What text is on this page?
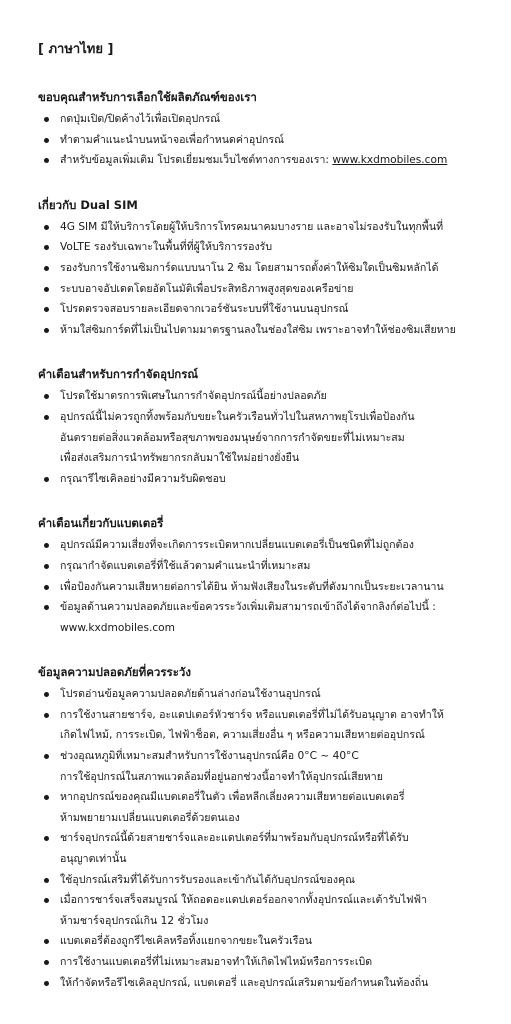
[ ภาษาไทย ]
ขอบคุณสำหรับการเลือกใช้ผลิตภัณฑ์ของเรา
กดปุ่มเปิด/ปิดค้างไว้เพื่อเปิดอุปกรณ์
ทำตามคำแนะนำบนหน้าจอเพื่อกำหนดค่าอุปกรณ์
สำหรับข้อมูลเพิ่มเติม โปรดเยี่ยมชมเว็บไซต์ทางการของเรา: www.kxdmobiles.com
เกี่ยวกับ Dual SIM
4G SIM มีให้บริการโดยผู้ให้บริการโทรคมนาคมบางราย และอาจไม่รองรับในทุกพื้นที่
VoLTE รองรับเฉพาะในพื้นที่ที่ผู้ให้บริการรองรับ
รองรับการใช้งานซิมการ์ดแบบนาโน 2 ซิม โดยสามารถตั้งค่าให้ซิมใดเป็นซิมหลักได้
ระบบอาจอัปเดตโดยอัตโนมัติเพื่อประสิทธิภาพสูงสุดของเครือข่าย
โปรดตรวจสอบรายละเอียดจากเวอร์ชันระบบที่ใช้งานบนอุปกรณ์
ห้ามใส่ซิมการ์ดที่ไม่เป็นไปตามมาตรฐานลงในช่องใส่ซิม เพราะอาจทำให้ช่องซิมเสียหาย
คำเตือนสำหรับการกำจัดอุปกรณ์
โปรดใช้มาตรการพิเศษในการกำจัดอุปกรณ์นี้อย่างปลอดภัย
อุปกรณ์นี้ไม่ควรถูกทิ้งพร้อมกับขยะในครัวเรือนทั่วไปในสหภาพยุโรปเพื่อป้องกัน
อันตรายต่อสิ่งแวดล้อมหรือสุขภาพของมนุษย์จากการกำจัดขยะที่ไม่เหมาะสม
เพื่อส่งเสริมการนำทรัพยากรกลับมาใช้ใหม่อย่างยั่งยืน
กรุณารีไซเคิลอย่างมีความรับผิดชอบ
คำเตือนเกี่ยวกับแบตเตอรี่
อุปกรณ์มีความเสี่ยงที่จะเกิดการระเบิดหากเปลี่ยนแบตเตอรี่เป็นชนิดที่ไม่ถูกต้อง
กรุณากำจัดแบตเตอรี่ที่ใช้แล้วตามคำแนะนำที่เหมาะสม
เพื่อป้องกันความเสียหายต่อการได้ยิน ห้ามฟังเสียงในระดับที่ดังมากเป็นระยะเวลานาน
ข้อมูลด้านความปลอดภัยและข้อควรระวังเพิ่มเติมสามารถเข้าถึงได้จากลิงก์ต่อไปนี้ :
www.kxdmobiles.com
ข้อมูลความปลอดภัยที่ควรระวัง
โปรดอ่านข้อมูลความปลอดภัยด้านล่างก่อนใช้งานอุปกรณ์
การใช้งานสายชาร์จ, อะแดปเตอร์หัวชาร์จ หรือแบตเตอรี่ที่ไม่ได้รับอนุญาต อาจทำให้
เกิดไฟไหม้, การระเบิด, ไฟฟ้าช็อต, ความเสี่ยงอื่น ๆ หรือความเสียหายต่ออุปกรณ์
ช่วงอุณหภูมิที่เหมาะสมสำหรับการใช้งานอุปกรณ์คือ 0°C ~ 40°C
การใช้อุปกรณ์ในสภาพแวดล้อมที่อยู่นอกช่วงนี้อาจทำให้อุปกรณ์เสียหาย
หากอุปกรณ์ของคุณมีแบตเตอรี่ในตัว เพื่อหลีกเลี่ยงความเสียหายต่อแบตเตอรี่
ห้ามพยายามเปลี่ยนแบตเตอรี่ด้วยตนเอง
ชาร์จอุปกรณ์นี้ด้วยสายชาร์จและอะแดปเตอร์ที่มาพร้อมกับอุปกรณ์หรือที่ได้รับ
อนุญาตเท่านั้น
ใช้อุปกรณ์เสริมที่ได้รับการรับรองและเข้ากันได้กับอุปกรณ์ของคุณ
เมื่อการชาร์จเสร็จสมบูรณ์ ให้ถอดอะแดปเตอร์ออกจากทั้งอุปกรณ์และเต้ารับไฟฟ้า
ห้ามชาร์จอุปกรณ์เกิน 12 ชั่วโมง
แบตเตอรี่ต้องถูกรีไซเคิลหรือทิ้งแยกจากขยะในครัวเรือน
การใช้งานแบตเตอรี่ที่ไม่เหมาะสมอาจทำให้เกิดไฟไหม้หรือการระเบิด
ให้กำจัดหรือรีไซเคิลอุปกรณ์, แบตเตอรี่ และอุปกรณ์เสริมตามข้อกำหนดในท้องถิ่น
